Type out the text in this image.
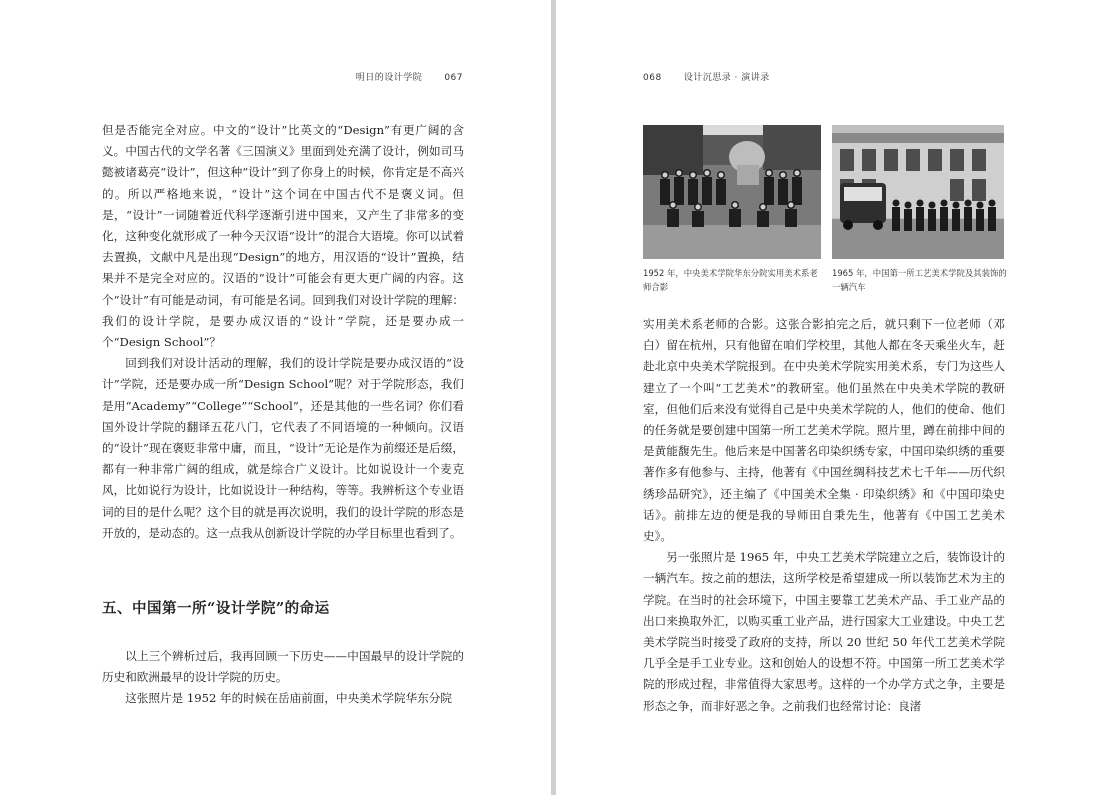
明日的设计学院 067

但是否能完全对应。中文的“设计”比英文的“Design”有更广阔的含义。中国古代的文学名著《三国演义》里面到处充满了设计，例如司马懿被诸葛亮“设计”，但这种“设计”到了你身上的时候，你肯定是不高兴的。所以严格地来说，“设计”这个词在中国古代不是褒义词。但是，“设计”一词随着近代科学逐渐引进中国来，又产生了非常多的变化，这种变化就形成了一种今天汉语“设计”的混合大语境。你可以试着去置换，文献中凡是出现“Design”的地方，用汉语的“设计”置换，结果并不是完全对应的。汉语的“设计”可能会有更大更广阔的内容。这个“设计”有可能是动词，有可能是名词。回到我们对设计学院的理解：我们的设计学院，是要办成汉语的“设计”学院，还是要办成一个“Design School”？

回到我们对设计活动的理解，我们的设计学院是要办成汉语的“设计”学院，还是要办成一所“Design School”呢？对于学院形态，我们是用“Academy”“College”“School”，还是其他的一些名词？你们看国外设计学院的翻译五花八门，它代表了不同语境的一种倾向。汉语的“设计”现在褒贬非常中庸，而且，“设计”无论是作为前缀还是后缀，都有一种非常广阔的组成，就是综合广义设计。比如说设计一个麦克风，比如说行为设计，比如说设计一种结构，等等。我辨析这个专业语词的目的是什么呢？这个目的就是再次说明，我们的设计学院的形态是开放的，是动态的。这一点我从创新设计学院的办学目标里也看到了。

五、中国第一所“设计学院”的命运

以上三个辨析过后，我再回顾一下历史——中国最早的设计学院的历史和欧洲最早的设计学院的历史。

这张照片是 1952 年的时候在岳庙前面，中央美术学院华东分院

068 设计沉思录 · 演讲录
1952 年，中央美术学院华东分院实用美术系老师合影
1965 年，中国第一所工艺美术学院及其装饰的一辆汽车

实用美术系老师的合影。这张合影拍完之后，就只剩下一位老师（邓白）留在杭州，只有他留在咱们学校里，其他人都在冬天乘坐火车，赶赴北京中央美术学院报到。在中央美术学院实用美术系，专门为这些人建立了一个叫“工艺美术”的教研室。他们虽然在中央美术学院的教研室，但他们后来没有觉得自己是中央美术学院的人，他们的使命、他们的任务就是要创建中国第一所工艺美术学院。照片里，蹲在前排中间的是黄能馥先生。他后来是中国著名印染织绣专家，中国印染织绣的重要著作多有他参与、主持，他著有《中国丝绸科技艺术七千年——历代织绣珍品研究》，还主编了《中国美术全集 · 印染织绣》和《中国印染史话》。前排左边的便是我的导师田自秉先生，他著有《中国工艺美术史》。

另一张照片是 1965 年，中央工艺美术学院建立之后，装饰设计的一辆汽车。按之前的想法，这所学校是希望建成一所以装饰艺术为主的学院。在当时的社会环境下，中国主要靠工艺美术产品、手工业产品的出口来换取外汇，以购买重工业产品，进行国家大工业建设。中央工艺美术学院当时接受了政府的支持，所以 20 世纪 50 年代工艺美术学院几乎全是手工业专业。这和创始人的设想不符。中国第一所工艺美术学院的形成过程，非常值得大家思考。这样的一个办学方式之争，主要是形态之争，而非好恶之争。之前我们也经常讨论：良渚
